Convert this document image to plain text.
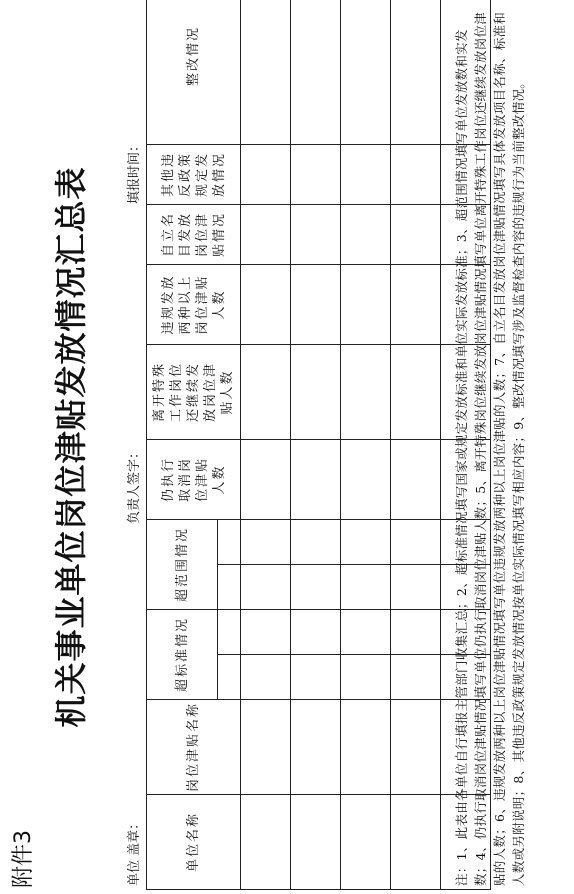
附件3
机关事业单位岗位津贴发放情况汇总表
单位 盖章：
负责人签字：
填报时间：
单位名称	岗位津贴名称	超标准情况		超范围情况		仍执行
取消岗
位津贴
人数	离开特殊
工作岗位
还继续发
放岗位津
贴人数	违规发放
两种以上
岗位津贴
人数	自立名
目发放
岗位津
贴情况	其他违
反政策
规定发
放情况	整改情况

												注：1、此表由各单位自行填报主管部门收集汇总；2、超标准情况填写国家或规定发放标准和单位实际发放标准；3、超范围情况填写单位发放数和实发数；4、仍执行取消岗位津贴情况填写单位仍执行取消岗位津贴人数；5、离开特殊岗位继续发放岗位津贴情况填写单位离开特殊工作岗位还继续发放岗位津贴的人数；6、违规发放两种以上岗位津贴情况填写单位违规发放两种以上岗位津贴的人数；7、自立名目发放岗位津贴情况填写具体发放项目名称、标准和人数或另附说明；8、其他违反政策规定发放情况按单位实际情况填写相应内容；9、整改情况填写涉及监督检查内容的违规行为当前整改情况。
